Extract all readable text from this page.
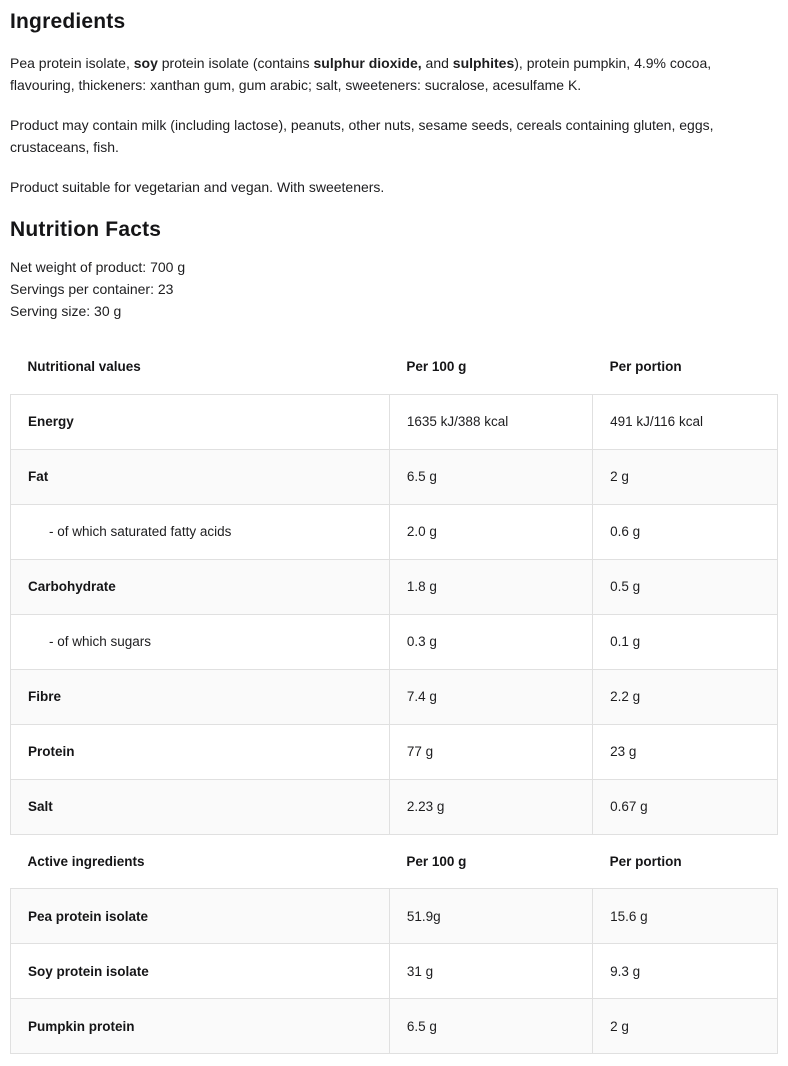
Ingredients

Pea protein isolate, soy protein isolate (contains sulphur dioxide, and sulphites), protein pumpkin, 4.9% cocoa, flavouring, thickeners: xanthan gum, gum arabic; salt, sweeteners: sucralose, acesulfame K.

Product may contain milk (including lactose), peanuts, other nuts, sesame seeds, cereals containing gluten, eggs, crustaceans, fish.

Product suitable for vegetarian and vegan. With sweeteners.

Nutrition Facts

Net weight of product: 700 g

Servings per container: 23

Serving size: 30 g

Nutritional values	Per 100 g	Per portion
Energy	1635 kJ/388 kcal	491 kJ/116 kcal
Fat	6.5 g	2 g
- of which saturated fatty acids	2.0 g	0.6 g
Carbohydrate	1.8 g	0.5 g
- of which sugars	0.3 g	0.1 g
Fibre	7.4 g	2.2 g
Protein	77 g	23 g
Salt	2.23 g	0.67 g
Active ingredients	Per 100 g	Per portion
Pea protein isolate	51.9g	15.6 g
Soy protein isolate	31 g	9.3 g
Pumpkin protein	6.5 g	2 g
